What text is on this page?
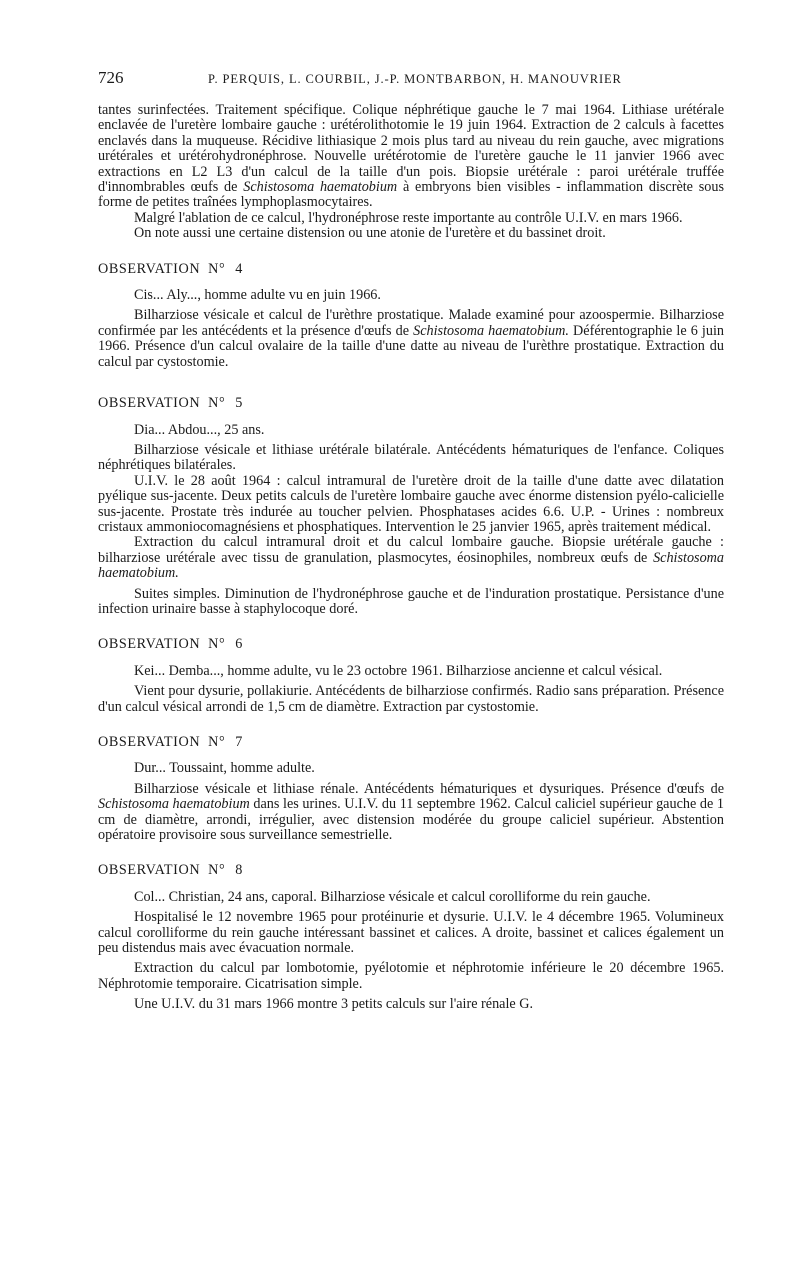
726	P. PERQUIS, L. COURBIL, J.-P. MONTBARBON, H. MANOUVRIER

tantes surinfectées. Traitement spécifique. Colique néphrétique gauche le 7 mai 1964. Lithiase urétérale enclavée de l'uretère lombaire gauche : urétérolithotomie le 19 juin 1964. Extraction de 2 calculs à facettes enclavés dans la muqueuse. Récidive lithiasique 2 mois plus tard au niveau du rein gauche, avec migrations urétérales et urétérohydronéphrose. Nouvelle urétérotomie de l'uretère gauche le 11 janvier 1966 avec extractions en L2 L3 d'un calcul de la taille d'un pois. Biopsie urétérale : paroi urétérale truffée d'innombrables œufs de Schistosoma haematobium à embryons bien visibles - inflammation discrète sous forme de petites traînées lymphoplasmocytaires.

Malgré l'ablation de ce calcul, l'hydronéphrose reste importante au contrôle U.I.V. en mars 1966.

On note aussi une certaine distension ou une atonie de l'uretère et du bassinet droit.

OBSERVATION N° 4

Cis... Aly..., homme adulte vu en juin 1966.

Bilharziose vésicale et calcul de l'urèthre prostatique. Malade examiné pour azoospermie. Bilharziose confirmée par les antécédents et la présence d'œufs de Schistosoma haematobium. Déférentographie le 6 juin 1966. Présence d'un calcul ovalaire de la taille d'une datte au niveau de l'urèthre prostatique. Extraction du calcul par cystostomie.

OBSERVATION N° 5

Dia... Abdou..., 25 ans.

Bilharziose vésicale et lithiase urétérale bilatérale. Antécédents hématuriques de l'enfance. Coliques néphrétiques bilatérales.

U.I.V. le 28 août 1964 : calcul intramural de l'uretère droit de la taille d'une datte avec dilatation pyélique sus-jacente. Deux petits calculs de l'uretère lombaire gauche avec énorme distension pyélo-calicielle sus-jacente. Prostate très indurée au toucher pelvien. Phosphatases acides 6.6. U.P. - Urines : nombreux cristaux ammoniocomagnésiens et phosphatiques. Intervention le 25 janvier 1965, après traitement médical.

Extraction du calcul intramural droit et du calcul lombaire gauche. Biopsie urétérale gauche : bilharziose urétérale avec tissu de granulation, plasmocytes, éosinophiles, nombreux œufs de Schistosoma haematobium.

Suites simples. Diminution de l'hydronéphrose gauche et de l'induration prostatique. Persistance d'une infection urinaire basse à staphylocoque doré.

OBSERVATION N° 6

Kei... Demba..., homme adulte, vu le 23 octobre 1961. Bilharziose ancienne et calcul vésical.

Vient pour dysurie, pollakiurie. Antécédents de bilharziose confirmés. Radio sans préparation. Présence d'un calcul vésical arrondi de 1,5 cm de diamètre. Extraction par cystostomie.

OBSERVATION N° 7

Dur... Toussaint, homme adulte.

Bilharziose vésicale et lithiase rénale. Antécédents hématuriques et dysuriques. Présence d'œufs de Schistosoma haematobium dans les urines. U.I.V. du 11 septembre 1962. Calcul caliciel supérieur gauche de 1 cm de diamètre, arrondi, irrégulier, avec distension modérée du groupe caliciel supérieur. Abstention opératoire provisoire sous surveillance semestrielle.

OBSERVATION N° 8

Col... Christian, 24 ans, caporal. Bilharziose vésicale et calcul corolliforme du rein gauche.

Hospitalisé le 12 novembre 1965 pour protéinurie et dysurie. U.I.V. le 4 décembre 1965. Volumineux calcul corolliforme du rein gauche intéressant bassinet et calices. A droite, bassinet et calices également un peu distendus mais avec évacuation normale.

Extraction du calcul par lombotomie, pyélotomie et néphrotomie inférieure le 20 décembre 1965. Néphrotomie temporaire. Cicatrisation simple.

Une U.I.V. du 31 mars 1966 montre 3 petits calculs sur l'aire rénale G.
